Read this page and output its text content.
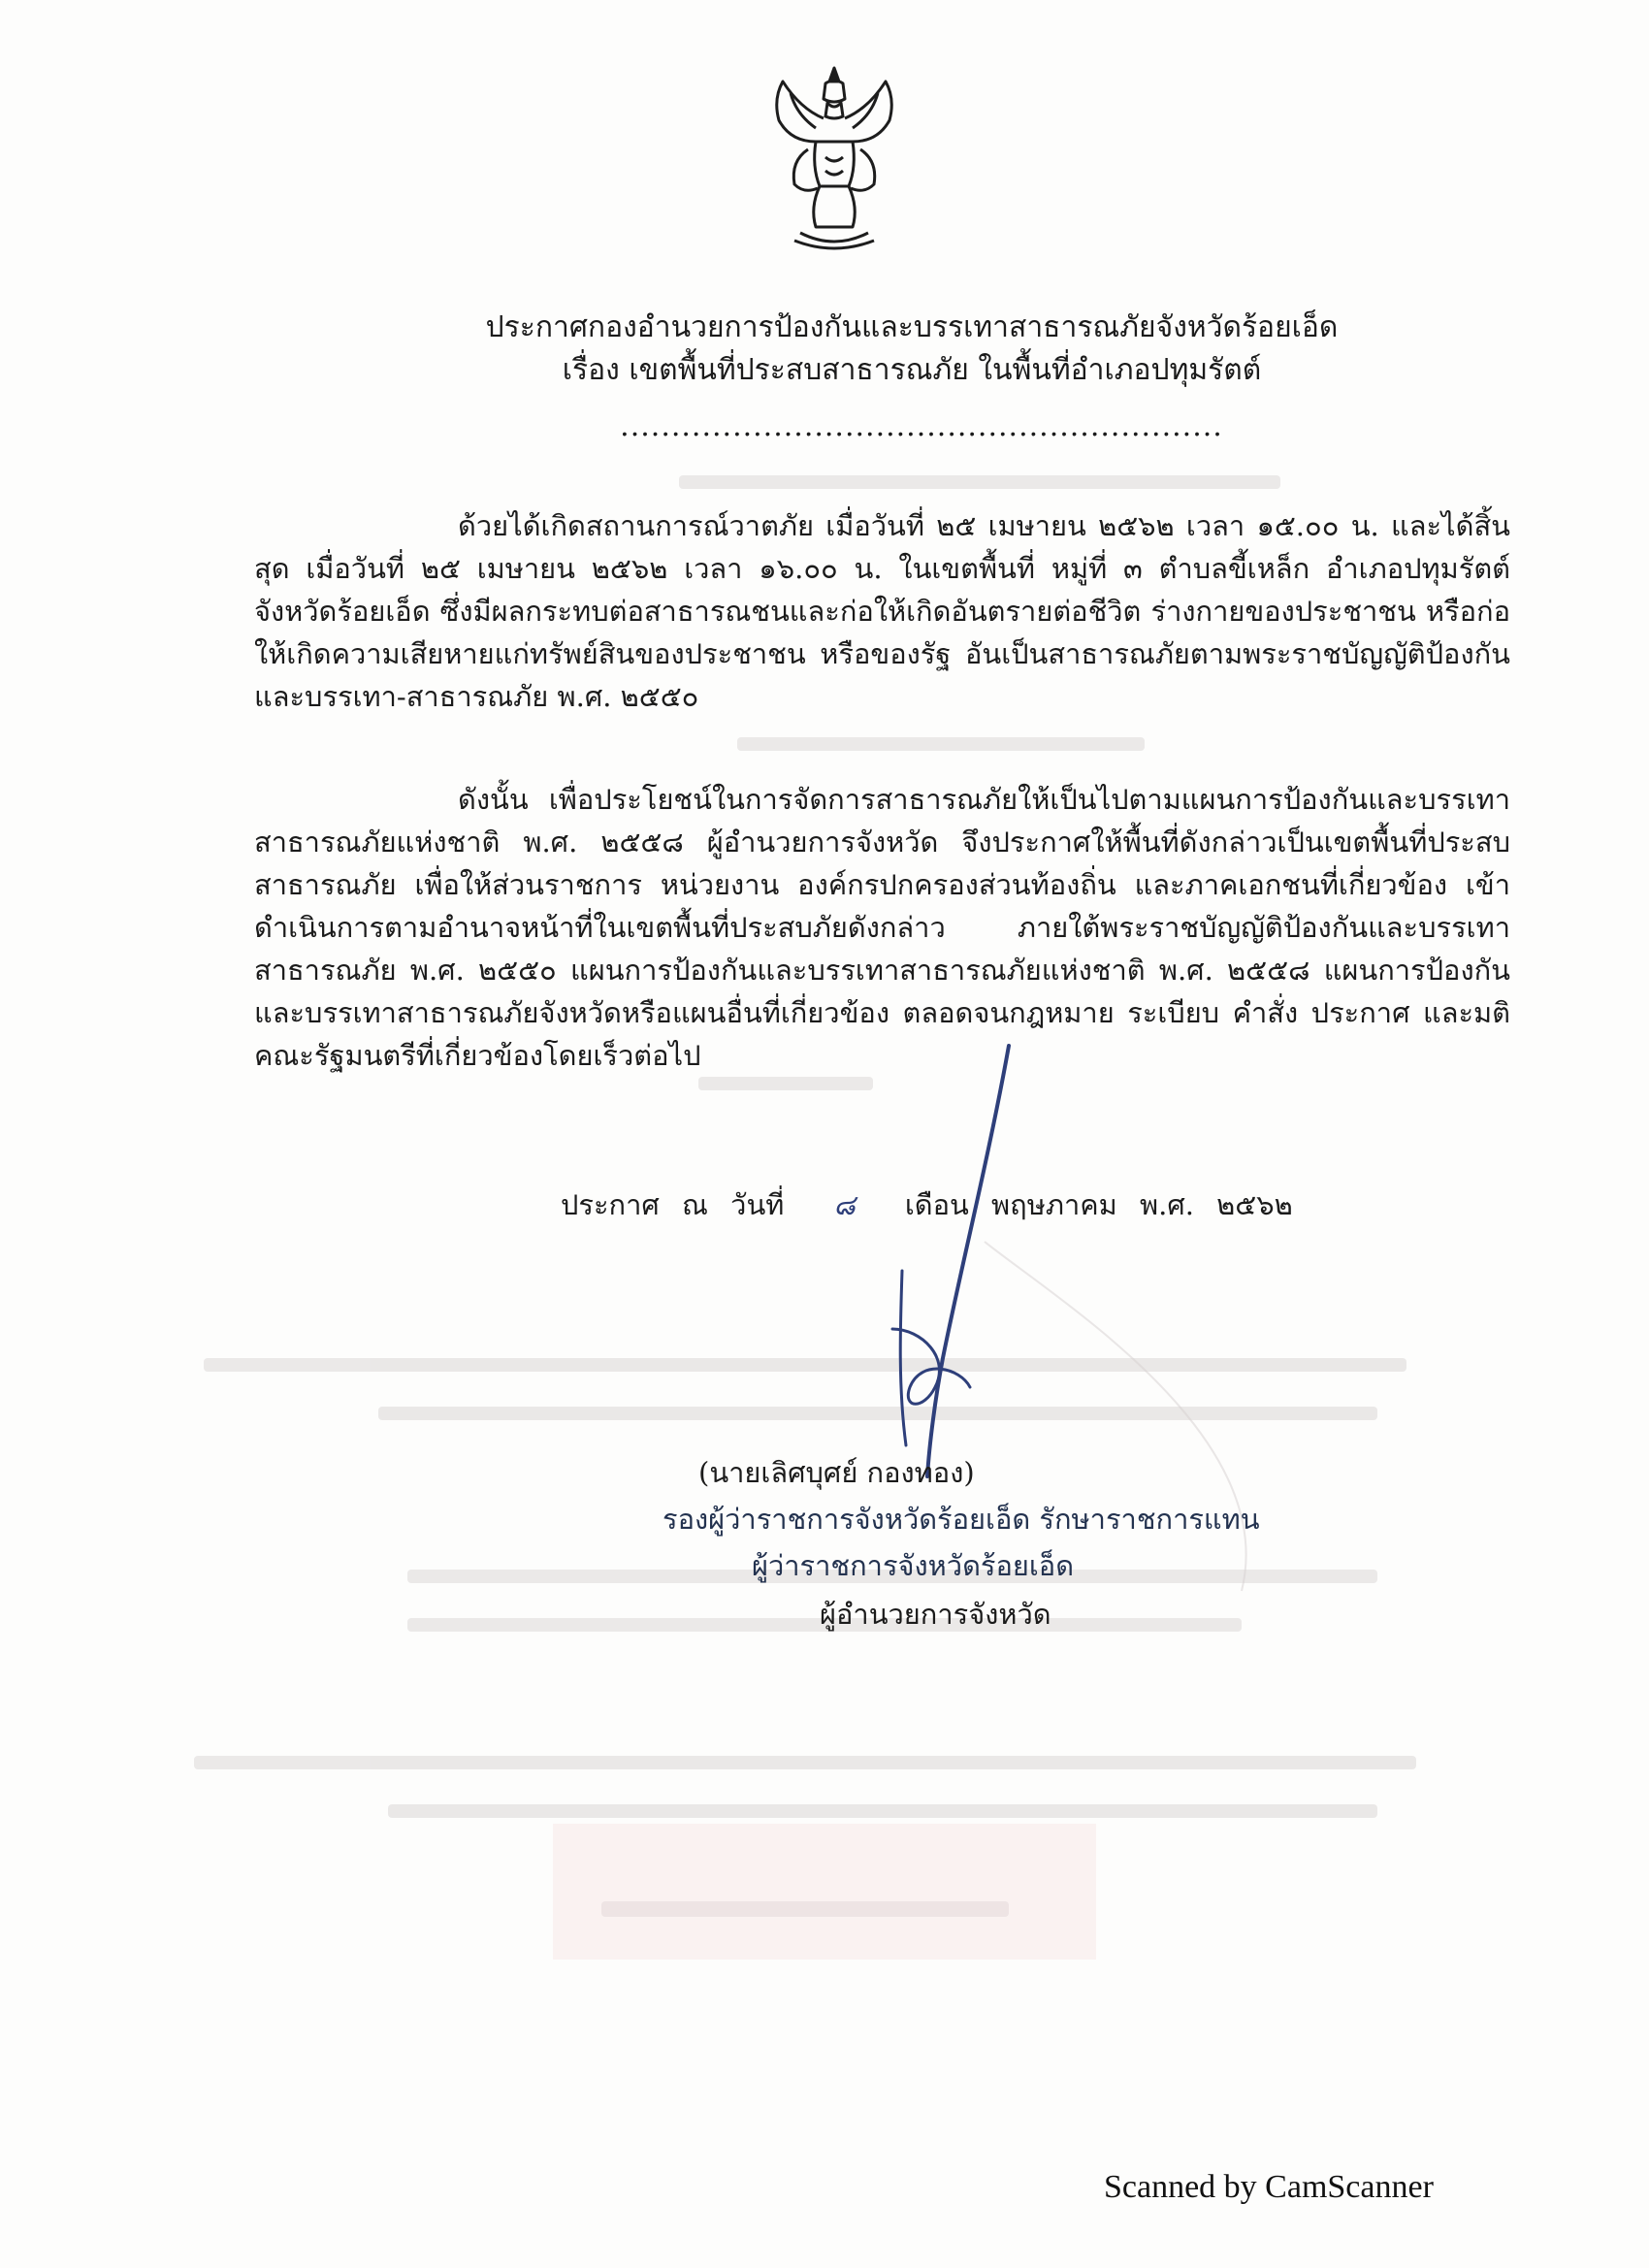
ประกาศกองอำนวยการป้องกันและบรรเทาสาธารณภัยจังหวัดร้อยเอ็ด
เรื่อง เขตพื้นที่ประสบสาธารณภัย ในพื้นที่อำเภอปทุมรัตต์
...........................................................

ด้วยได้เกิดสถานการณ์วาตภัย เมื่อวันที่ ๒๕ เมษายน ๒๕๖๒ เวลา ๑๕.๐๐ น. และได้สิ้นสุด เมื่อวันที่ ๒๕ เมษายน ๒๕๖๒ เวลา ๑๖.๐๐ น. ในเขตพื้นที่ หมู่ที่ ๓ ตำบลขี้เหล็ก อำเภอปทุมรัตต์ จังหวัดร้อยเอ็ด ซึ่งมีผลกระทบต่อสาธารณชนและก่อให้เกิดอันตรายต่อชีวิต ร่างกายของประชาชน หรือก่อให้เกิดความเสียหายแก่ทรัพย์สินของประชาชน หรือของรัฐ อันเป็นสาธารณภัยตามพระราชบัญญัติป้องกันและบรรเทา-สาธารณภัย พ.ศ. ๒๕๕๐

ดังนั้น เพื่อประโยชน์ในการจัดการสาธารณภัยให้เป็นไปตามแผนการป้องกันและบรรเทาสาธารณภัยแห่งชาติ พ.ศ. ๒๕๕๘ ผู้อำนวยการจังหวัด จึงประกาศให้พื้นที่ดังกล่าวเป็นเขตพื้นที่ประสบสาธารณภัย เพื่อให้ส่วนราชการ หน่วยงาน องค์กรปกครองส่วนท้องถิ่น และภาคเอกชนที่เกี่ยวข้อง เข้าดำเนินการตามอำนาจหน้าที่ในเขตพื้นที่ประสบภัยดังกล่าว ภายใต้พระราชบัญญัติป้องกันและบรรเทาสาธารณภัย พ.ศ. ๒๕๕๐ แผนการป้องกันและบรรเทาสาธารณภัยแห่งชาติ พ.ศ. ๒๕๕๘ แผนการป้องกันและบรรเทาสาธารณภัยจังหวัดหรือแผนอื่นที่เกี่ยวข้อง ตลอดจนกฎหมาย ระเบียบ คำสั่ง ประกาศ และมติคณะรัฐมนตรีที่เกี่ยวข้องโดยเร็วต่อไป

ประกาศ ณ วันที่ ๘ เดือน พฤษภาคม พ.ศ. ๒๕๖๒
(นายเลิศบุศย์ กองทอง)
รองผู้ว่าราชการจังหวัดร้อยเอ็ด รักษาราชการแทน
ผู้ว่าราชการจังหวัดร้อยเอ็ด
ผู้อำนวยการจังหวัด
Scanned by CamScanner
